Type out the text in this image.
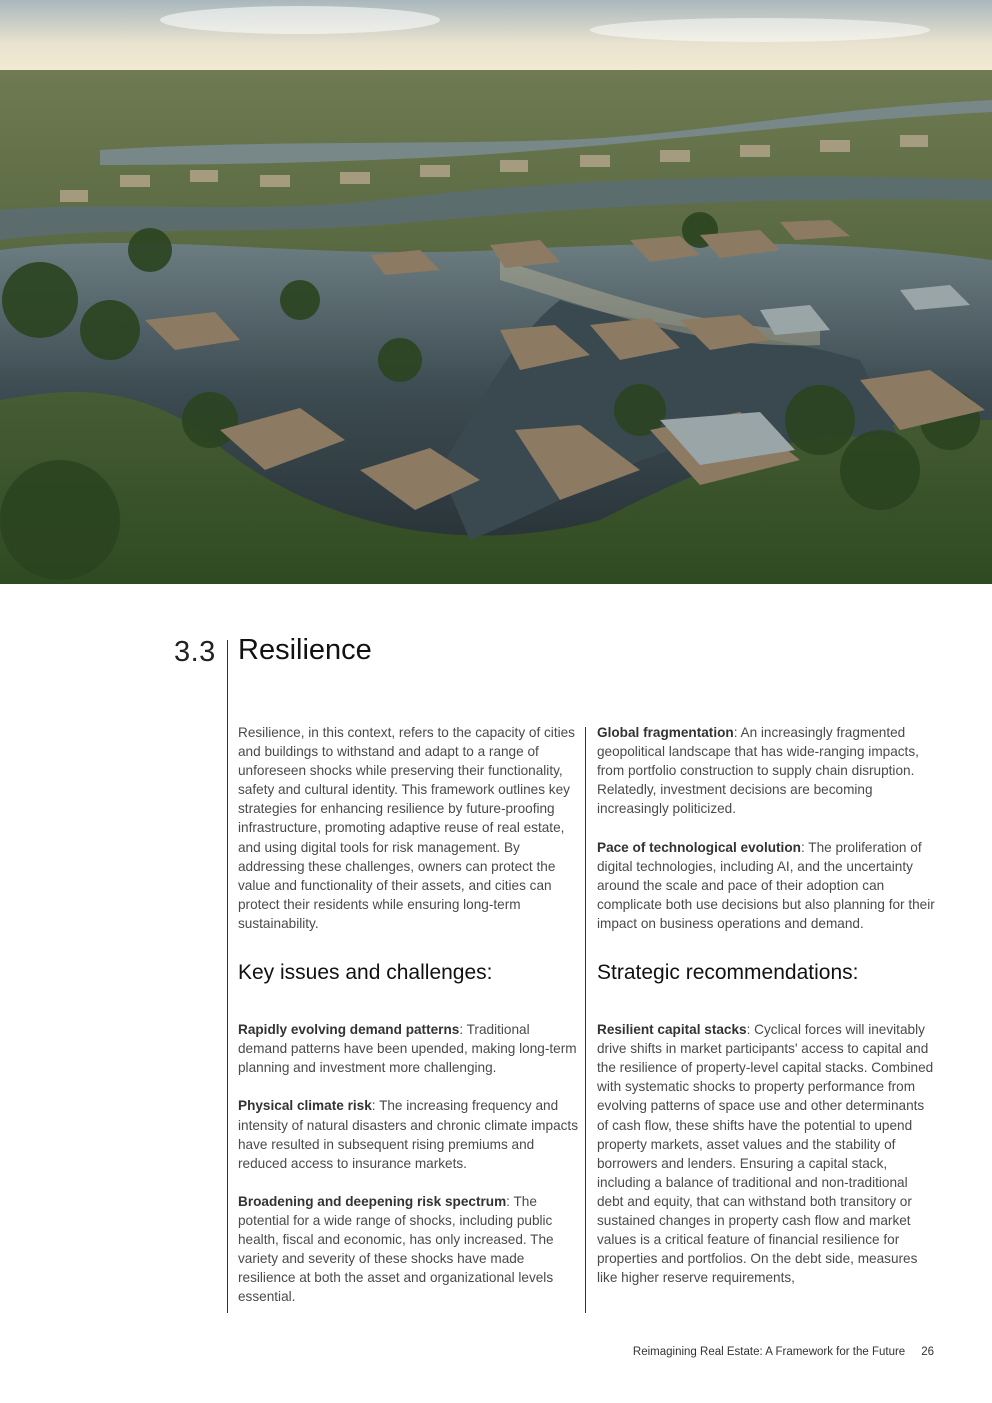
3.3 Resilience

Resilience, in this context, refers to the capacity of cities and buildings to withstand and adapt to a range of unforeseen shocks while preserving their functionality, safety and cultural identity. This framework outlines key strategies for enhancing resilience by future-proofing infrastructure, promoting adaptive reuse of real estate, and using digital tools for risk management. By addressing these challenges, owners can protect the value and functionality of their assets, and cities can protect their residents while ensuring long-term sustainability.

Key issues and challenges:

Rapidly evolving demand patterns: Traditional demand patterns have been upended, making long-term planning and investment more challenging.

Physical climate risk: The increasing frequency and intensity of natural disasters and chronic climate impacts have resulted in subsequent rising premiums and reduced access to insurance markets.

Broadening and deepening risk spectrum: The potential for a wide range of shocks, including public health, fiscal and economic, has only increased. The variety and severity of these shocks have made resilience at both the asset and organizational levels essential.

Global fragmentation: An increasingly fragmented geopolitical landscape that has wide-ranging impacts, from portfolio construction to supply chain disruption. Relatedly, investment decisions are becoming increasingly politicized.

Pace of technological evolution: The proliferation of digital technologies, including AI, and the uncertainty around the scale and pace of their adoption can complicate both use decisions but also planning for their impact on business operations and demand.

Strategic recommendations:

Resilient capital stacks: Cyclical forces will inevitably drive shifts in market participants' access to capital and the resilience of property-level capital stacks. Combined with systematic shocks to property performance from evolving patterns of space use and other determinants of cash flow, these shifts have the potential to upend property markets, asset values and the stability of borrowers and lenders. Ensuring a capital stack, including a balance of traditional and non-traditional debt and equity, that can withstand both transitory or sustained changes in property cash flow and market values is a critical feature of financial resilience for properties and portfolios. On the debt side, measures like higher reserve requirements,

Reimagining Real Estate: A Framework for the Future 26
